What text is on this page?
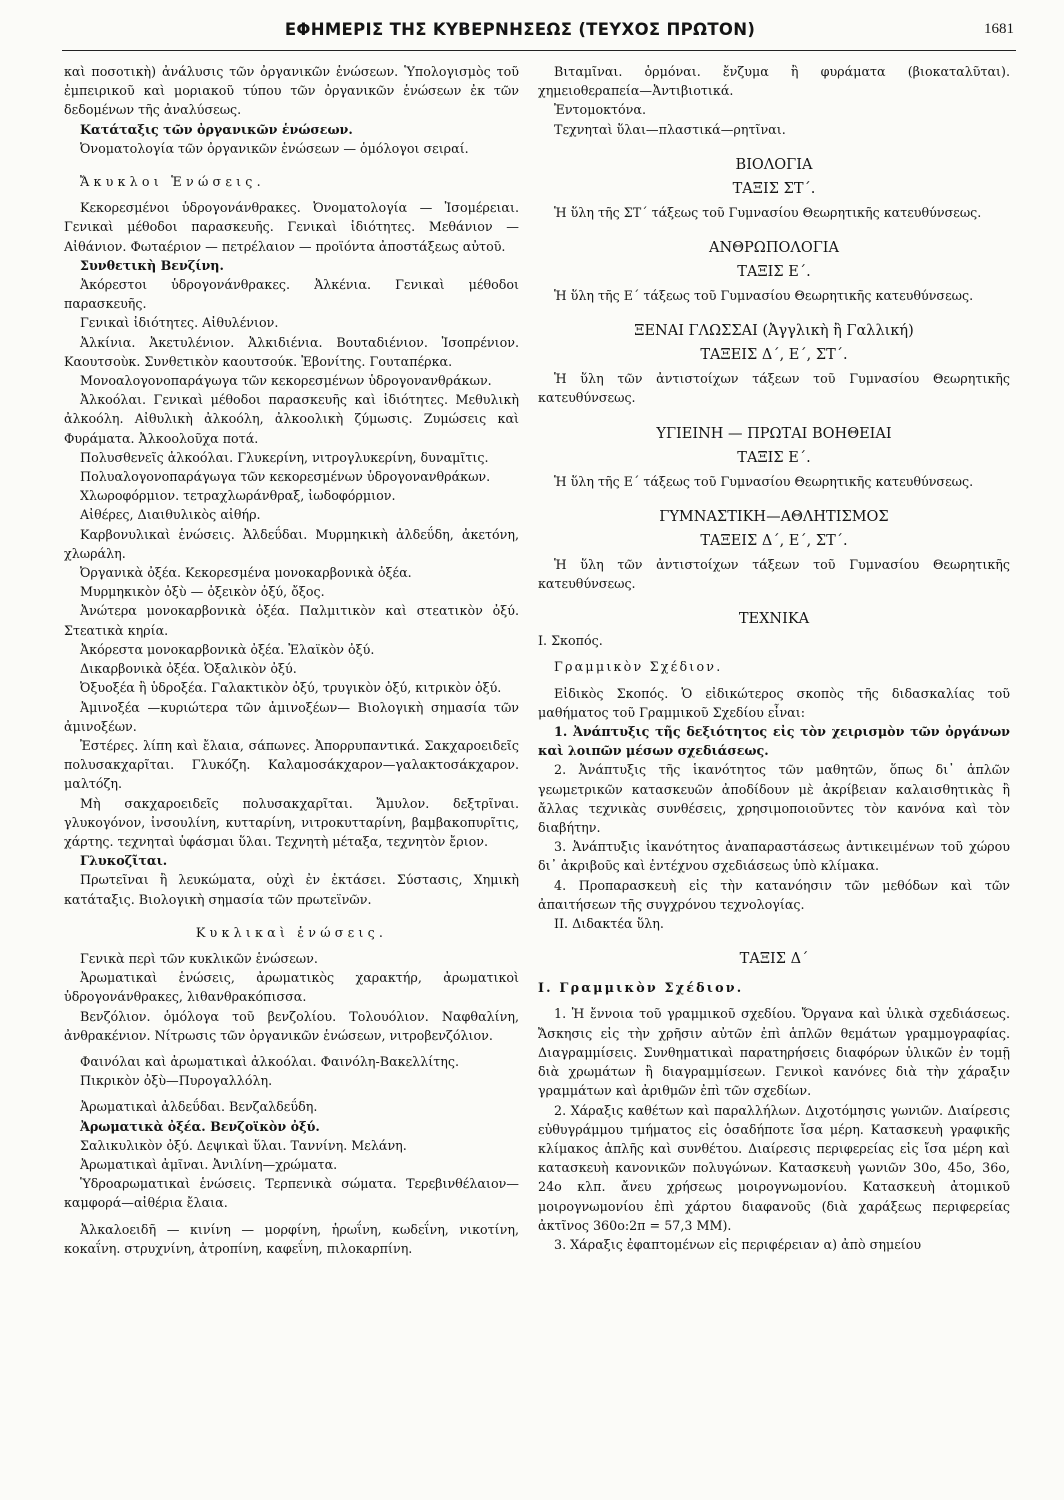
ΕΦΗΜΕΡΙΣ ΤΗΣ ΚΥΒΕΡΝΗΣΕΩΣ (ΤΕΥΧΟΣ ΠΡΩΤΟΝ)	1681

καὶ ποσοτικὴ) ἀνάλυσις τῶν ὀργανικῶν ἑνώσεων. Ὑπολογισμὸς τοῦ ἐμπειρικοῦ καὶ μοριακοῦ τύπου τῶν ὀργανικῶν ἑνώσεων ἐκ τῶν δεδομένων τῆς ἀναλύσεως.

Κατάταξις τῶν ὀργανικῶν ἑνώσεων.

Ὀνοματολογία τῶν ὀργανικῶν ἑνώσεων — ὁμόλογοι σειραί.

Ἄκυκλοι Ἑνώσεις.

Κεκορεσμένοι ὑδρογονάνθρακες. Ὀνοματολογία — Ἰσομέρειαι. Γενικαὶ μέθοδοι παρασκευῆς. Γενικαὶ ἰδιότητες. Μεθάνιον — Αἰθάνιον. Φωταέριον — πετρέλαιον — προϊόντα ἀποστάξεως αὐτοῦ.

Συνθετικὴ Βενζίνη.

Ἀκόρεστοι ὑδρογονάνθρακες. Ἀλκένια. Γενικαὶ μέθοδοι παρασκευῆς.

Γενικαὶ ἰδιότητες. Αἰθυλένιον.

Ἀλκίνια. Ἀκετυλένιον. Ἀλκιδιένια. Βουταδιένιον. Ἰσοπρένιον. Καουτσοὺκ. Συνθετικὸν καουτσούκ. Ἐβονίτης. Γουταπέρκα.

Μονοαλογονοπαράγωγα τῶν κεκορεσμένων ὑδρογονανθράκων.

Ἀλκοόλαι. Γενικαὶ μέθοδοι παρασκευῆς καὶ ἰδιότητες. Μεθυλικὴ ἀλκοόλη. Αἰθυλικὴ ἀλκοόλη, ἀλκοολικὴ ζύμωσις. Ζυμώσεις καὶ Φυράματα. Ἀλκοολοῦχα ποτά.

Πολυσθενεῖς ἀλκοόλαι. Γλυκερίνη, νιτρογλυκερίνη, δυναμῖτις.

Πολυαλογονοπαράγωγα τῶν κεκορεσμένων ὑδρογονανθράκων.

Χλωροφόρμιον. τετραχλωράνθραξ, ἰωδοφόρμιον.

Αἰθέρες, Διαιθυλικὸς αἰθήρ.

Καρβονυλικαὶ ἑνώσεις. Ἀλδεΰδαι. Μυρμηκικὴ ἀλδεΰδη, ἀκετόνη, χλωράλη.

Ὀργανικὰ ὀξέα. Κεκορεσμένα μονοκαρβονικὰ ὀξέα.

Μυρμηκικὸν ὀξὺ — ὀξεικὸν ὀξύ, ὄξος.

Ἀνώτερα μονοκαρβονικὰ ὀξέα. Παλμιτικὸν καὶ στεατικὸν ὀξύ. Στεατικὰ κηρία.

Ἀκόρεστα μονοκαρβονικὰ ὀξέα. Ἐλαϊκὸν ὀξύ.

Δικαρβονικὰ ὀξέα. Ὀξαλικὸν ὀξύ.

Ὀξυοξέα ἢ ὑδροξέα. Γαλακτικὸν ὀξύ, τρυγικὸν ὀξύ, κιτρικὸν ὀξύ.

Ἀμινοξέα —κυριώτερα τῶν ἀμινοξέων— Βιολογικὴ σημασία τῶν ἀμινοξέων.

Ἐστέρες. λίπη καὶ ἔλαια, σάπωνες. Ἀπορρυπαντικά. Σακχαροειδεῖς πολυσακχαρῖται. Γλυκόζη. Καλαμοσάκχαρον—γαλακτοσάκχαρον. μαλτόζη.

Μὴ σακχαροειδεῖς πολυσακχαρῖται. Ἄμυλον. δεξτρῖναι. γλυκογόνον, ἰνσουλίνη, κυτταρίνη, νιτροκυτταρίνη, βαμβακοπυρῖτις, χάρτης. τεχνηταὶ ὑφάσμαι ὕλαι. Τεχνητὴ μέταξα, τεχνητὸν ἔριον.

Γλυκοζῖται.

Πρωτεῖναι ἢ λευκώματα, οὐχὶ ἐν ἐκτάσει. Σύστασις, Χημικὴ κατάταξις. Βιολογικὴ σημασία τῶν πρωτεϊνῶν.

Κυκλικαὶ ἑνώσεις.

Γενικὰ περὶ τῶν κυκλικῶν ἑνώσεων.

Ἀρωματικαὶ ἑνώσεις, ἀρωματικὸς χαρακτήρ, ἀρωματικοὶ ὑδρογονάνθρακες, λιθανθρακόπισσα.

Βενζόλιον. ὁμόλογα τοῦ βενζολίου. Τολουόλιον. Ναφθαλίνη, ἀνθρακένιον. Νίτρωσις τῶν ὀργανικῶν ἑνώσεων, νιτροβενζόλιον.

Φαινόλαι καὶ ἀρωματικαὶ ἀλκοόλαι. Φαινόλη-Βακελλίτης.

Πικρικὸν ὀξὺ—Πυρογαλλόλη.

Ἀρωματικαὶ ἀλδεΰδαι. Βενζαλδεΰδη.

Ἀρωματικὰ ὀξέα. Βενζοϊκὸν ὀξύ.

Σαλικυλικὸν ὀξύ. Δεψικαὶ ὕλαι. Ταννίνη. Μελάνη.

Ἀρωματικαὶ ἀμῖναι. Ἀνιλίνη—χρώματα.

Ὑδροαρωματικαὶ ἑνώσεις. Τερπενικὰ σώματα. Τερεβινθέλαιον—καμφορά—αἰθέρια ἔλαια.

Ἀλκαλοειδῆ — κινίνη — μορφίνη, ἡρωΐνη, κωδεΐνη, νικοτίνη, κοκαΐνη. στρυχνίνη, ἀτροπίνη, καφεΐνη, πιλοκαρπίνη.

Βιταμῖναι. ὁρμόναι. ἔνζυμα ἢ φυράματα (βιοκαταλῦται). χημειοθεραπεία—Ἀντιβιοτικά.

Ἐντομοκτόνα.

Τεχνηταὶ ὕλαι—πλαστικά—ρητῖναι.

ΒΙΟΛΟΓΙΑ

ΤΑΞΙΣ ΣΤ΄.

Ἡ ὕλη τῆς ΣΤ΄ τάξεως τοῦ Γυμνασίου Θεωρητικῆς κατευθύνσεως.

ΑΝΘΡΩΠΟΛΟΓΙΑ

ΤΑΞΙΣ Ε΄.

Ἡ ὕλη τῆς Ε΄ τάξεως τοῦ Γυμνασίου Θεωρητικῆς κατευθύνσεως.

ΞΕΝΑΙ ΓΛΩΣΣΑΙ (Ἀγγλικὴ ἢ Γαλλική)

ΤΑΞΕΙΣ Δ΄, Ε΄, ΣΤ΄.

Ἡ ὕλη τῶν ἀντιστοίχων τάξεων τοῦ Γυμνασίου Θεωρητικῆς κατευθύνσεως.

ΥΓΙΕΙΝΗ — ΠΡΩΤΑΙ ΒΟΗΘΕΙΑΙ

ΤΑΞΙΣ Ε΄.

Ἡ ὕλη τῆς Ε΄ τάξεως τοῦ Γυμνασίου Θεωρητικῆς κατευθύνσεως.

ΓΥΜΝΑΣΤΙΚΗ—ΑΘΛΗΤΙΣΜΟΣ

ΤΑΞΕΙΣ Δ΄, Ε΄, ΣΤ΄.

Ἡ ὕλη τῶν ἀντιστοίχων τάξεων τοῦ Γυμνασίου Θεωρητικῆς κατευθύνσεως.

ΤΕΧΝΙΚΑ

Ι. Σκοπός.

Γραμμικὸν Σχέδιον.

Εἰδικὸς Σκοπός. Ὁ εἰδικώτερος σκοπὸς τῆς διδασκαλίας τοῦ μαθήματος τοῦ Γραμμικοῦ Σχεδίου εἶναι:

1. Ἀνάπτυξις τῆς δεξιότητος εἰς τὸν χειρισμὸν τῶν ὀργάνων καὶ λοιπῶν μέσων σχεδιάσεως.

2. Ἀνάπτυξις τῆς ἱκανότητος τῶν μαθητῶν, ὅπως δι᾽ ἁπλῶν γεωμετρικῶν κατασκευῶν ἀποδίδουν μὲ ἀκρίβειαν καλαισθητικὰς ἢ ἄλλας τεχνικὰς συνθέσεις, χρησιμοποιοῦντες τὸν κανόνα καὶ τὸν διαβήτην.

3. Ἀνάπτυξις ἱκανότητος ἀναπαραστάσεως ἀντικειμένων τοῦ χώρου δι᾽ ἀκριβοῦς καὶ ἐντέχνου σχεδιάσεως ὑπὸ κλίμακα.

4. Προπαρασκευὴ εἰς τὴν κατανόησιν τῶν μεθόδων καὶ τῶν ἀπαιτήσεων τῆς συγχρόνου τεχνολογίας.

ΙΙ. Διδακτέα ὕλη.

ΤΑΞΙΣ Δ΄

Ι. Γραμμικὸν Σχέδιον.

1. Ἡ ἔννοια τοῦ γραμμικοῦ σχεδίου. Ὄργανα καὶ ὑλικὰ σχεδιάσεως. Ἄσκησις εἰς τὴν χρῆσιν αὐτῶν ἐπὶ ἁπλῶν θεμάτων γραμμογραφίας. Διαγραμμίσεις. Συνθηματικαὶ παρατηρήσεις διαφόρων ὑλικῶν ἐν τομῇ διὰ χρωμάτων ἢ διαγραμμίσεων. Γενικοὶ κανόνες διὰ τὴν χάραξιν γραμμάτων καὶ ἀριθμῶν ἐπὶ τῶν σχεδίων.

2. Χάραξις καθέτων καὶ παραλλήλων. Διχοτόμησις γωνιῶν. Διαίρεσις εὐθυγράμμου τμήματος εἰς ὁσαδήποτε ἴσα μέρη. Κατασκευὴ γραφικῆς κλίμακος ἁπλῆς καὶ συνθέτου. Διαίρεσις περιφερείας εἰς ἴσα μέρη καὶ κατασκευὴ κανονικῶν πολυγώνων. Κατασκευὴ γωνιῶν 30ο, 45ο, 36ο, 24ο κλπ. ἄνευ χρήσεως μοιρογνωμονίου. Κατασκευὴ ἀτομικοῦ μοιρογνωμονίου ἐπὶ χάρτου διαφανοῦς (διὰ χαράξεως περιφερείας ἀκτῖνος 360ο:2π = 57,3 ΜΜ).

3. Χάραξις ἐφαπτομένων εἰς περιφέρειαν α) ἀπὸ σημείου
